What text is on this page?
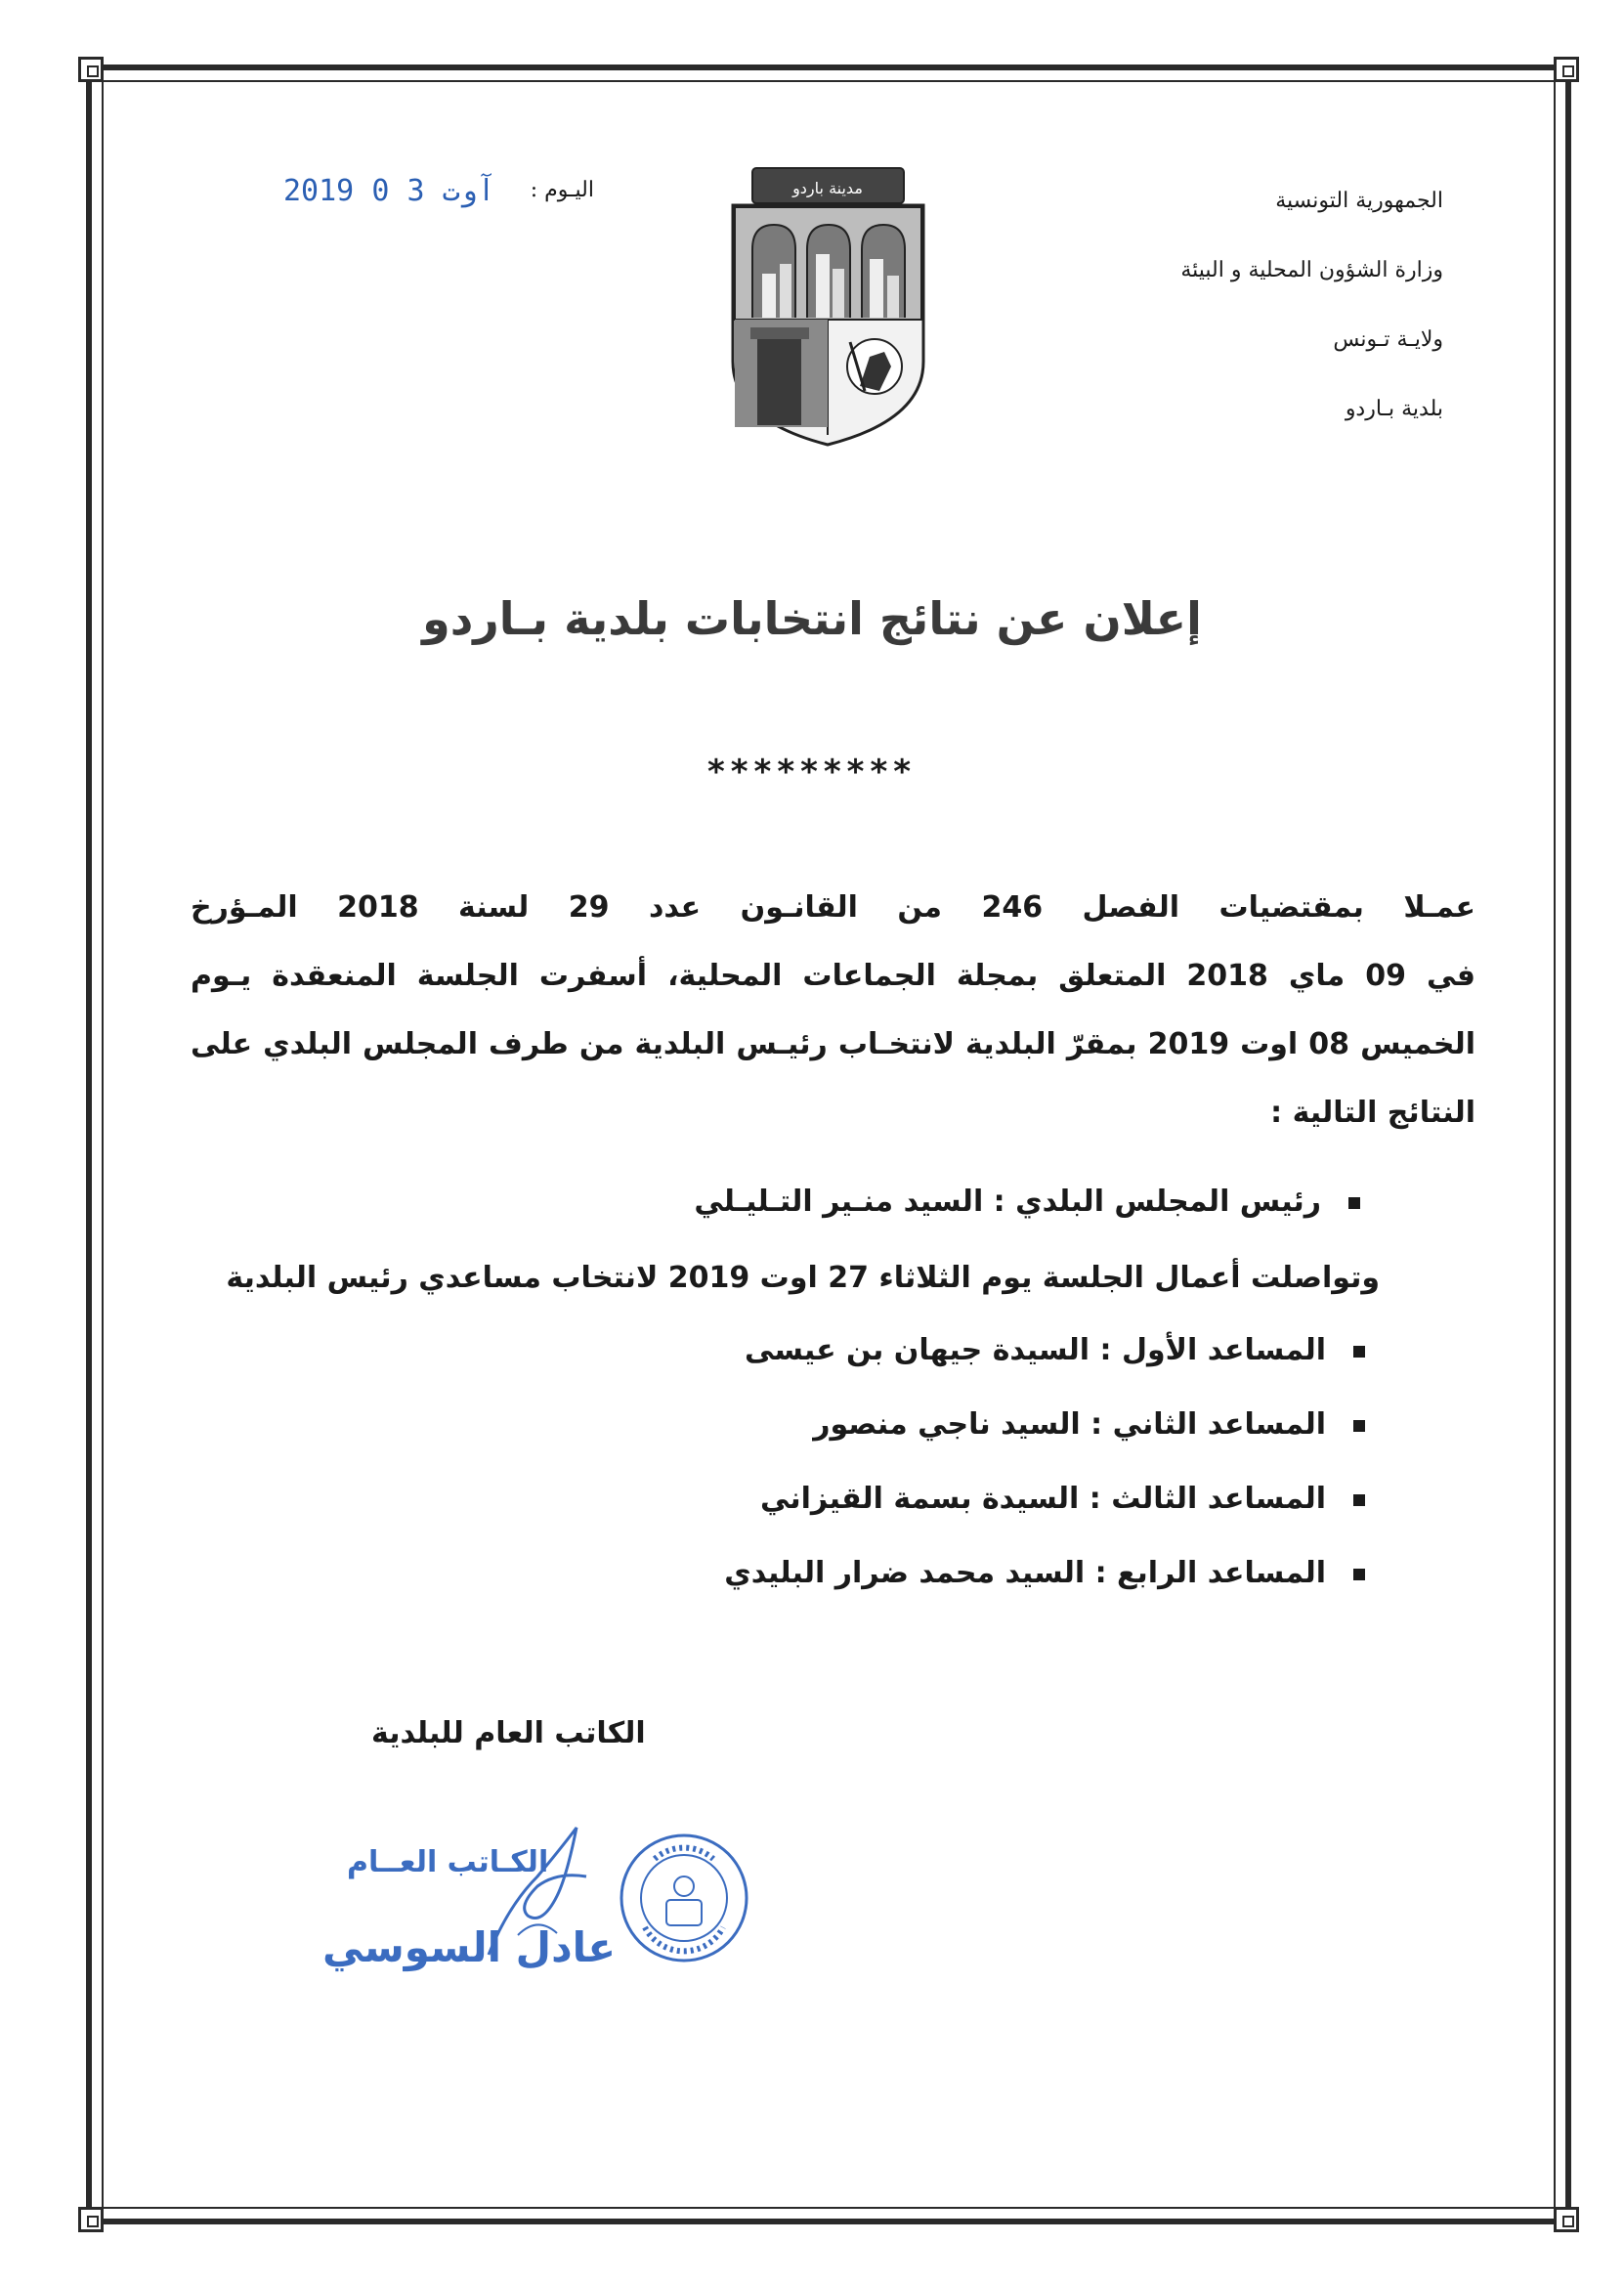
الجمهورية التونسية
وزارة الشؤون المحلية و البيئة
ولايـة تـونس
بلدية بـاردو
اليـوم :
2019 آوت 3 0	مدينة باردو
إعلان عن نتائج انتخابات بلدية بـاردو
*********
عمـلا بمقتضيات الفصل 246 من القانـون عدد 29 لسنة 2018 المـؤرخ
في 09 ماي 2018 المتعلق بمجلة الجماعات المحلية، أسفرت الجلسة المنعقدة يـوم
الخميس 08 اوت 2019 بمقرّ البلدية لانتخـاب رئيـس البلدية من طرف المجلس البلدي على
النتائج التالية :
رئيس المجلس البلدي : السيد منـير التـليـلي
وتواصلت أعمال الجلسة يوم الثلاثاء 27 اوت 2019 لانتخاب مساعدي رئيس البلدية
المساعد الأول : السيدة جيهان بن عيسى
المساعد الثاني : السيد ناجي منصور
المساعد الثالث : السيدة بسمة القيزاني
المساعد الرابع : السيد محمد ضرار البليدي
الكاتب العام للبلدية
الكـاتب العــام
عادل السوسي
